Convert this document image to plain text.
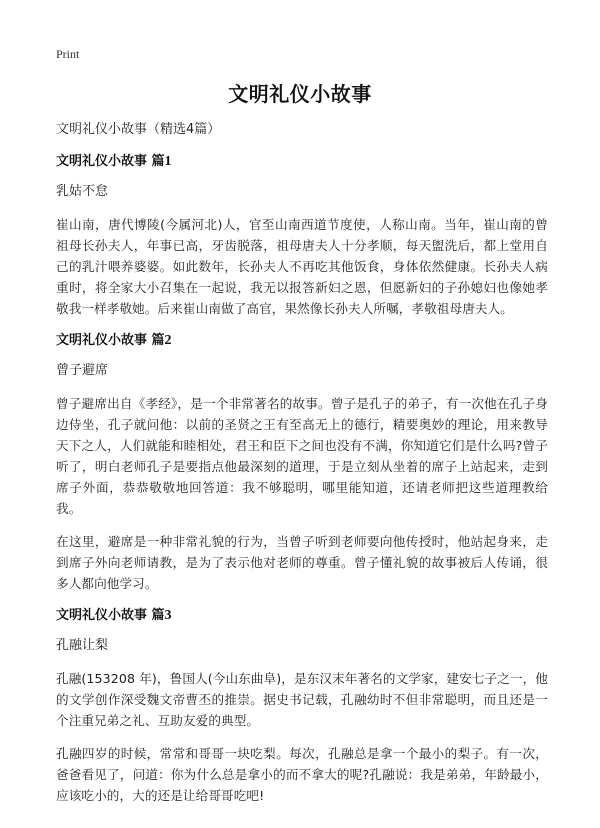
Print
文明礼仪小故事
文明礼仪小故事（精选4篇）
文明礼仪小故事 篇1
乳姑不怠
崔山南，唐代博陵(今属河北)人，官至山南西道节度使，人称山南。当年，崔山南的曾祖母长孙夫人，年事已高，牙齿脱落，祖母唐夫人十分孝顺，每天盥洗后，都上堂用自己的乳汁喂养婆婆。如此数年，长孙夫人不再吃其他饭食，身体依然健康。长孙夫人病重时，将全家大小召集在一起说，我无以报答新妇之恩，但愿新妇的子孙媳妇也像她孝敬我一样孝敬她。后来崔山南做了高官，果然像长孙夫人所嘱，孝敬祖母唐夫人。
文明礼仪小故事 篇2
曾子避席
曾子避席出自《孝经》，是一个非常著名的故事。曾子是孔子的弟子，有一次他在孔子身边侍坐，孔子就问他：以前的圣贤之王有至高无上的德行，精要奥妙的理论，用来教导天下之人，人们就能和睦相处，君王和臣下之间也没有不满，你知道它们是什么吗?曾子听了，明白老师孔子是要指点他最深刻的道理，于是立刻从坐着的席子上站起来，走到席子外面，恭恭敬敬地回答道：我不够聪明，哪里能知道，还请老师把这些道理教给我。
在这里，避席是一种非常礼貌的行为，当曾子听到老师要向他传授时，他站起身来，走到席子外向老师请教，是为了表示他对老师的尊重。曾子懂礼貌的故事被后人传诵，很多人都向他学习。
文明礼仪小故事 篇3
孔融让梨
孔融(153208 年)，鲁国人(今山东曲阜)，是东汉末年著名的文学家，建安七子之一，他的文学创作深受魏文帝曹丕的推崇。据史书记载，孔融幼时不但非常聪明，而且还是一个注重兄弟之礼、互助友爱的典型。
孔融四岁的时候，常常和哥哥一块吃梨。每次，孔融总是拿一个最小的梨子。有一次，爸爸看见了，问道：你为什么总是拿小的而不拿大的呢?孔融说：我是弟弟，年龄最小，应该吃小的，大的还是让给哥哥吃吧!
